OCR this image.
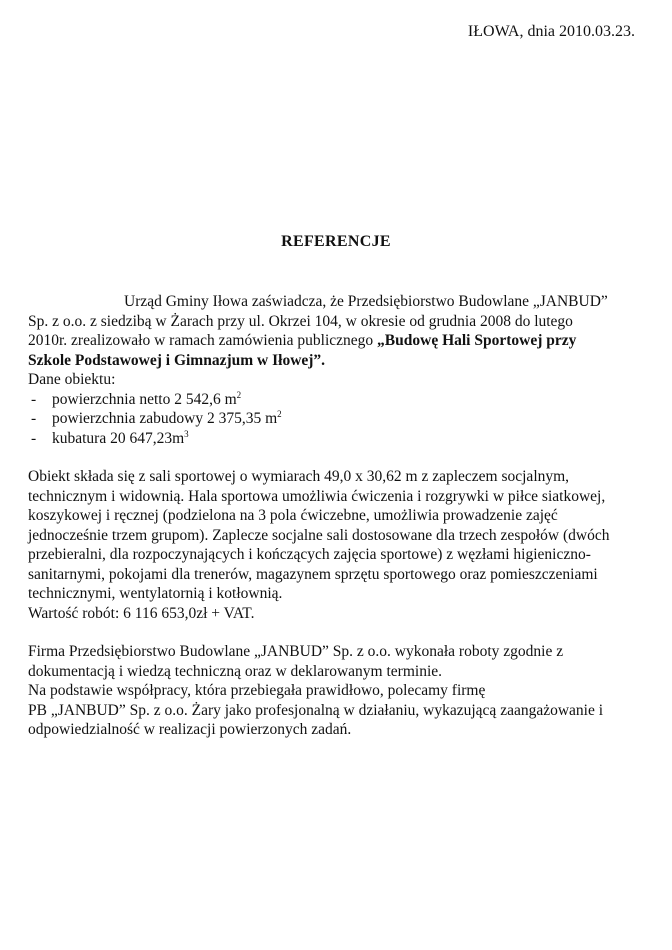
IŁOWA, dnia 2010.03.23.
REFERENCJE
Urząd Gminy Iłowa zaświadcza, że Przedsiębiorstwo Budowlane „JANBUD”
Sp. z o.o. z siedzibą w Żarach przy ul. Okrzei 104, w okresie od grudnia 2008 do lutego
2010r. zrealizowało w ramach zamówienia publicznego „Budowę Hali Sportowej przy
Szkole Podstawowej i Gimnazjum w Iłowej”.
Dane obiektu:
- powierzchnia netto 2 542,6 $m^2$
- powierzchnia zabudowy 2 375,35 $m^2$
- kubatura 20 $647,23m^3$
Obiekt składa się z sali sportowej o wymiarach 49,0 x 30,62 m z zapleczem socjalnym,
technicznym i widownią. Hala sportowa umożliwia ćwiczenia i rozgrywki w piłce siatkowej,
koszykowej i ręcznej (podzielona na 3 pola ćwiczebne, umożliwia prowadzenie zajęć
jednocześnie trzem grupom). Zaplecze socjalne sali dostosowane dla trzech zespołów (dwóch
przebieralni, dla rozpoczynających i kończących zajęcia sportowe) z węzłami higieniczno-
sanitarnymi, pokojami dla trenerów, magazynem sprzętu sportowego oraz pomieszczeniami
technicznymi, wentylatornią i kotłownią.
Wartość robót: 6 116 653,0zł + VAT.
Firma Przedsiębiorstwo Budowlane „JANBUD” Sp. z o.o. wykonała roboty zgodnie z
dokumentacją i wiedzą techniczną oraz w deklarowanym terminie.
Na podstawie współpracy, która przebiegała prawidłowo, polecamy firmę
PB „JANBUD” Sp. z o.o. Żary jako profesjonalną w działaniu, wykazującą zaangażowanie i
odpowiedzialność w realizacji powierzonych zadań.
